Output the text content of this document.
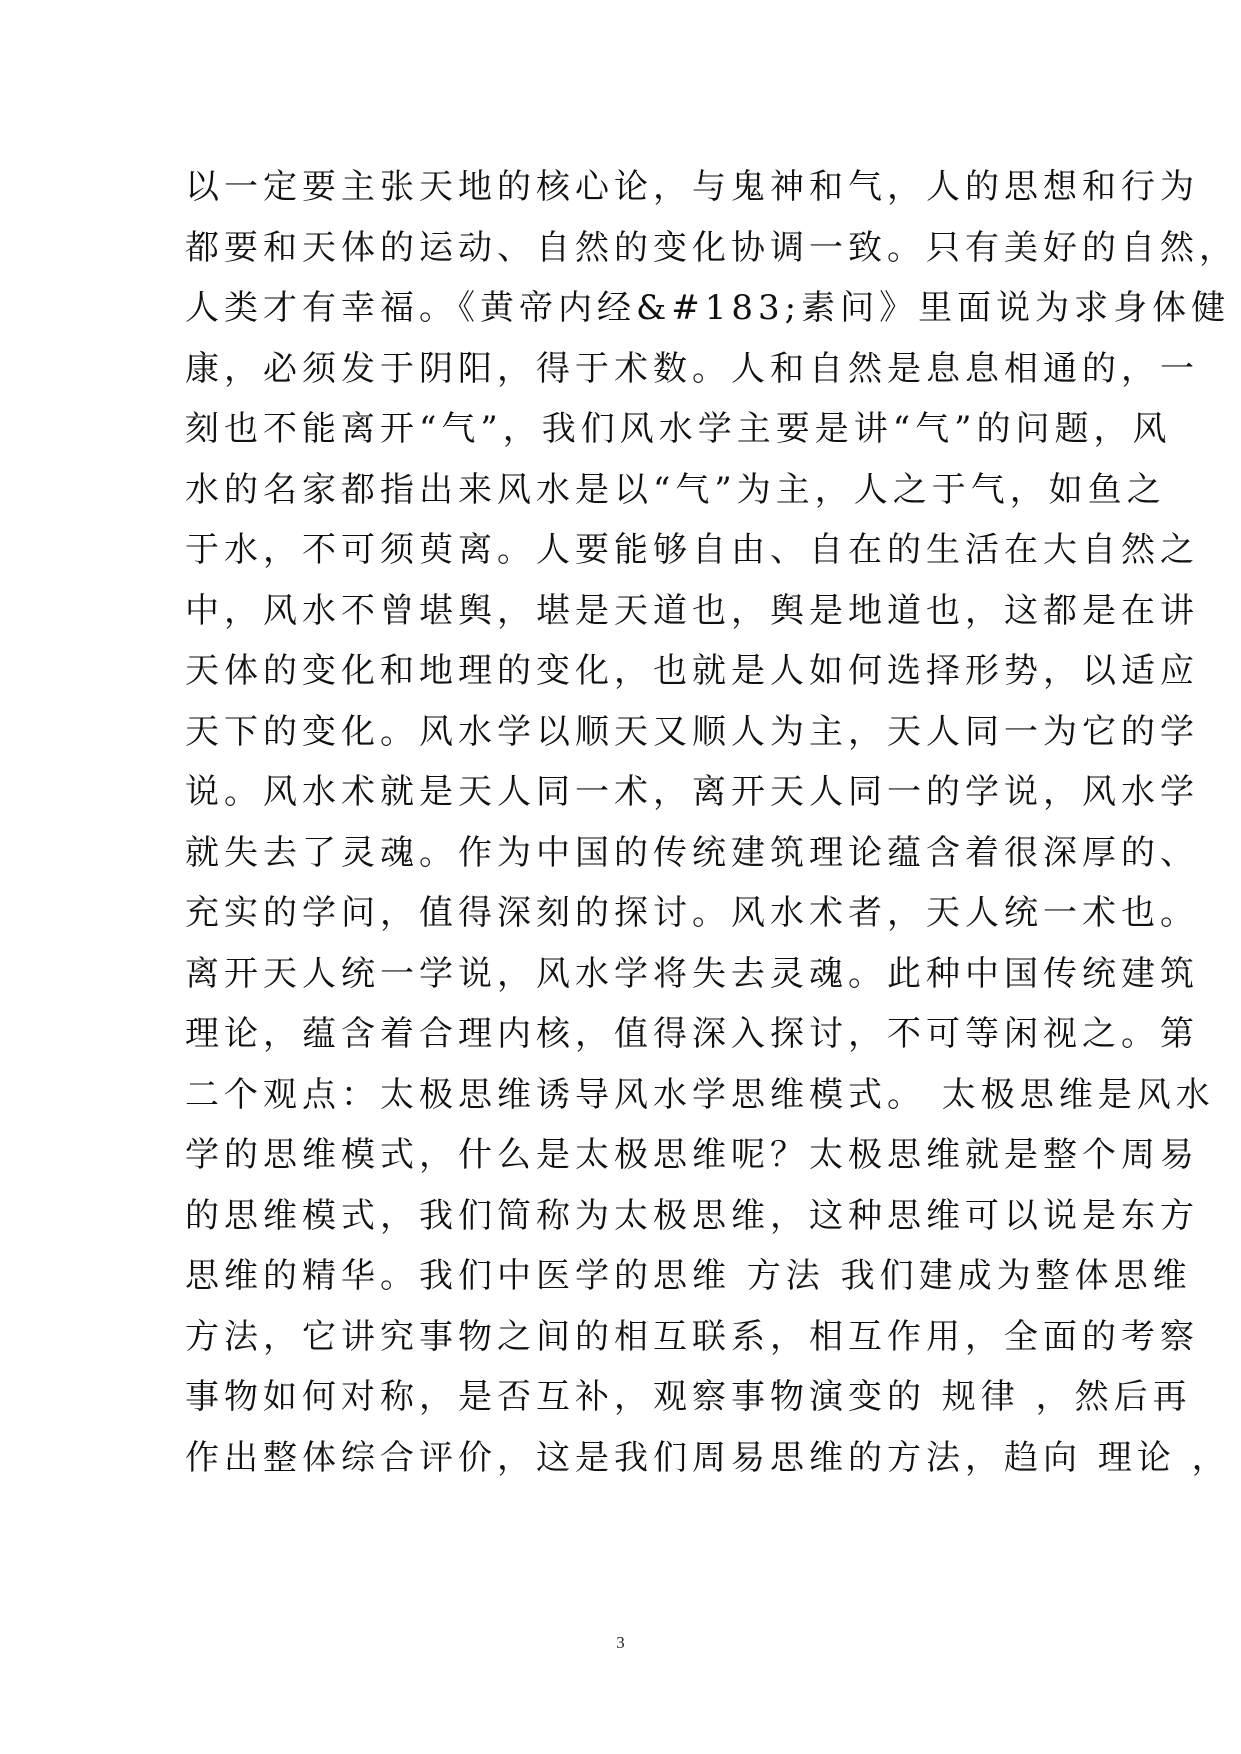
以一定要主张天地的核心论，与鬼神和气，人的思想和行为
都要和天体的运动、自然的变化协调一致。只有美好的自然，
人类才有幸福。《黄帝内经&#183;素问》里面说为求身体健
康，必须发于阴阳，得于术数。人和自然是息息相通的，一
刻也不能离开“气”，我们风水学主要是讲“气”的问题，风
水的名家都指出来风水是以“气”为主，人之于气，如鱼之
于水，不可须萸离。人要能够自由、自在的生活在大自然之
中，风水不曾堪舆，堪是天道也，舆是地道也，这都是在讲
天体的变化和地理的变化，也就是人如何选择形势，以适应
天下的变化。风水学以顺天又顺人为主，天人同一为它的学
说。风水术就是天人同一术，离开天人同一的学说，风水学
就失去了灵魂。作为中国的传统建筑理论蕴含着很深厚的、
充实的学问，值得深刻的探讨。风水术者，天人统一术也。
离开天人统一学说，风水学将失去灵魂。此种中国传统建筑
理论，蕴含着合理内核，值得深入探讨，不可等闲视之。第
二个观点：太极思维诱导风水学思维模式。 太极思维是风水
学的思维模式，什么是太极思维呢？太极思维就是整个周易
的思维模式，我们简称为太极思维，这种思维可以说是东方
思维的精华。我们中医学的思维 方法 我们建成为整体思维
方法，它讲究事物之间的相互联系，相互作用，全面的考察
事物如何对称，是否互补，观察事物演变的 规律 ，然后再
作出整体综合评价，这是我们周易思维的方法，趋向 理论 ，
3
